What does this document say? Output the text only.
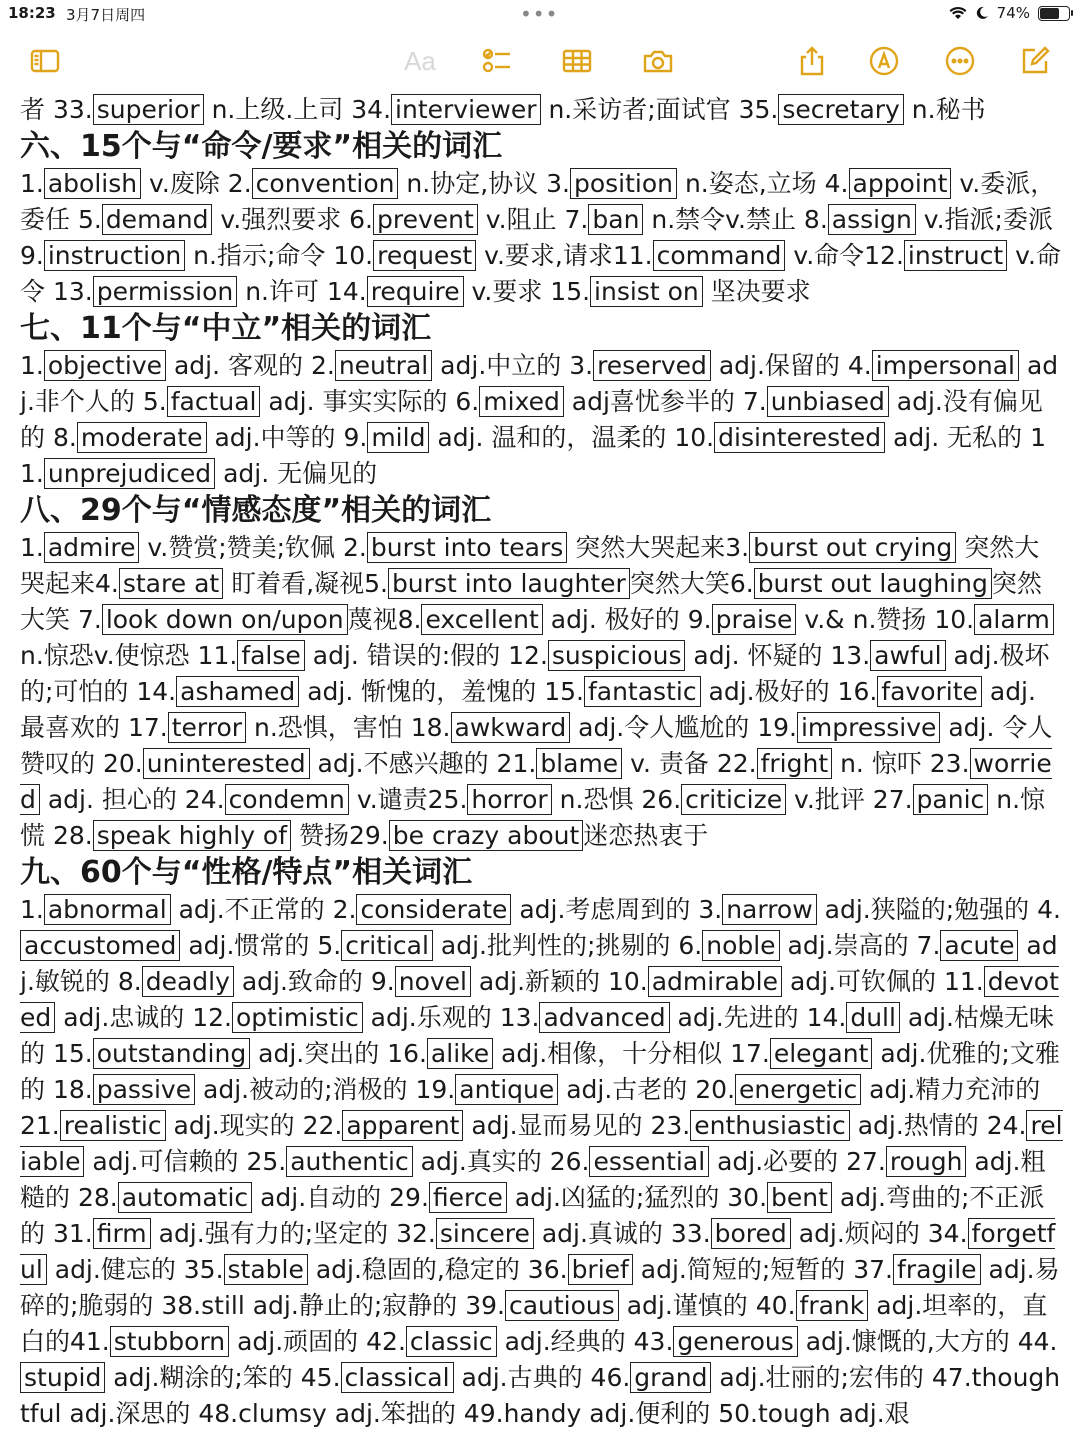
18:23 3月7日周四	•••	74%
Aa

者 33. superior n.上级.上司 34. interviewer n.采访者;面试官 35. secretary n.秘书

六、15个与“命令/要求”相关的词汇

1. abolish v.废除 2. convention n.协定,协议 3. position n.姿态,立场 4. appoint v.委派，委任 5. demand v.强烈要求 6. prevent v.阻止 7. ban n.禁令v.禁止 8. assign v.指派;委派 9. instruction n.指示;命令 10. request v.要求,请求11. command v.命令12. instruct v.命令 13. permission n.许可 14. require v.要求 15. insist on 坚决要求

七、11个与“中立”相关的词汇

1. objective adj. 客观的 2. neutral adj.中立的 3. reserved adj.保留的 4. impersonal adj.非个人的 5. factual adj. 事实实际的 6. mixed adj喜忧参半的 7. unbiased adj.没有偏见的 8. moderate adj.中等的 9. mild adj. 温和的，温柔的 10. disinterested adj. 无私的 11. unprejudiced adj. 无偏见的

八、29个与“情感态度”相关的词汇

1. admire v.赞赏;赞美;钦佩 2. burst into tears 突然大哭起来3. burst out crying 突然大哭起来4. stare at 盯着看,凝视5. burst into laughter 突然大笑6. burst out laughing 突然大笑 7. look down on/upon 蔑视8. excellent adj. 极好的 9. praise v.& n.赞扬 10. alarm n.惊恐v.使惊恐 11. false adj. 错误的:假的 12. suspicious adj. 怀疑的 13. awful adj.极坏的;可怕的 14. ashamed adj. 惭愧的，羞愧的 15. fantastic adj.极好的 16. favorite adj. 最喜欢的 17. terror n.恐惧，害怕 18. awkward adj.令人尴尬的 19. impressive adj. 令人赞叹的 20. uninterested adj.不感兴趣的 21. blame v. 责备 22. fright n. 惊吓 23. worried adj. 担心的 24. condemn v.谴责25. horror n.恐惧 26. criticize v.批评 27. panic n.惊慌 28. speak highly of 赞扬29. be crazy about 迷恋热衷于

九、60个与“性格/特点”相关词汇

1. abnormal adj.不正常的 2. considerate adj.考虑周到的 3. narrow adj.狭隘的;勉强的 4.accustomed adj.惯常的 5. critical adj.批判性的;挑剔的 6. noble adj.崇高的 7. acute adj.敏锐的 8. deadly adj.致命的 9. novel adj.新颖的 10. admirable adj.可钦佩的 11. devoted adj.忠诚的 12. optimistic adj.乐观的 13. advanced adj.先进的 14. dull adj.枯燥无味的 15. outstanding adj.突出的 16. alike adj.相像，十分相似 17. elegant adj.优雅的;文雅的 18. passive adj.被动的;消极的 19. antique adj.古老的 20. energetic adj.精力充沛的 21. realistic adj.现实的 22. apparent adj.显而易见的 23. enthusiastic adj.热情的 24. reliable adj.可信赖的 25. authentic adj.真实的 26. essential adj.必要的 27. rough adj.粗糙的 28. automatic adj.自动的 29. fierce adj.凶猛的;猛烈的 30. bent adj.弯曲的;不正派的 31. firm adj.强有力的;坚定的 32. sincere adj.真诚的 33. bored adj.烦闷的 34. forgetful adj.健忘的 35. stable adj.稳固的,稳定的 36. brief adj.简短的;短暂的 37. fragile adj.易碎的;脆弱的 38.still adj.静止的;寂静的 39. cautious adj.谨慎的 40. frank adj.坦率的，直白的41. stubborn adj.顽固的 42. classic adj.经典的 43. generous adj.慷慨的,大方的 44.stupid adj.糊涂的;笨的 45. classical adj.古典的 46. grand adj.壮丽的;宏伟的 47.thoughtful adj.深思的 48.clumsy adj.笨拙的 49.handy adj.便利的 50.tough adj.艰
